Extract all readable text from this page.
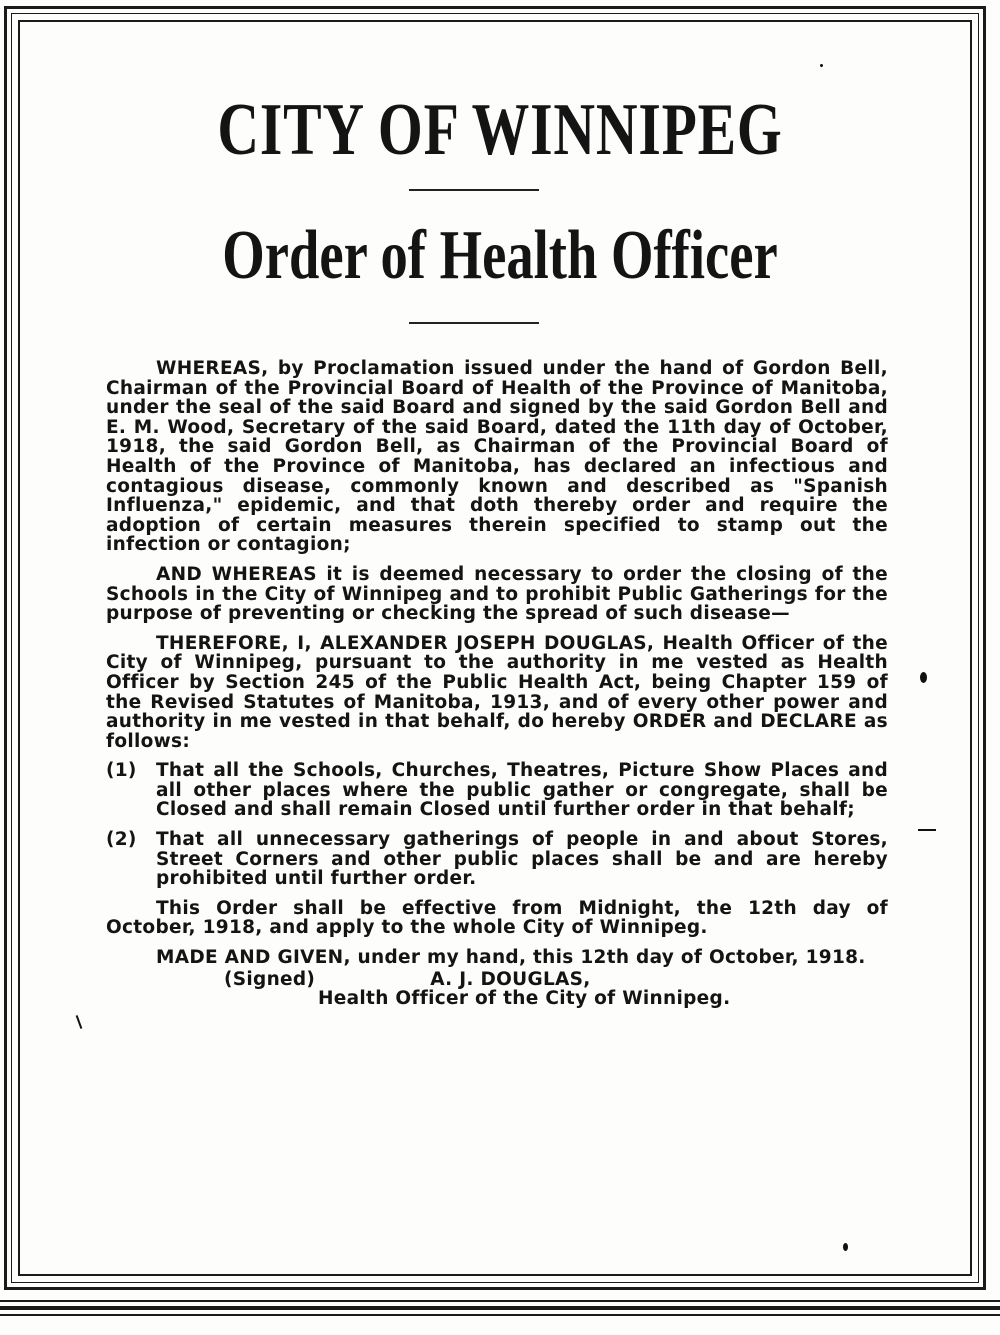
CITY OF WINNIPEG
Order of Health Officer

WHEREAS, by Proclamation issued under the hand of Gordon Bell, Chairman of the Provincial Board of Health of the Province of Manitoba, under the seal of the said Board and signed by the said Gordon Bell and E. M. Wood, Secretary of the said Board, dated the 11th day of October, 1918, the said Gordon Bell, as Chairman of the Provincial Board of Health of the Province of Manitoba, has declared an infectious and contagious disease, commonly known and described as "Spanish Influenza," epidemic, and that doth thereby order and require the adoption of certain measures therein specified to stamp out the infection or contagion;

AND WHEREAS it is deemed necessary to order the closing of the Schools in the City of Winnipeg and to prohibit Public Gatherings for the purpose of preventing or checking the spread of such disease—

THEREFORE, I, ALEXANDER JOSEPH DOUGLAS, Health Officer of the City of Winnipeg, pursuant to the authority in me vested as Health Officer by Section 245 of the Public Health Act, being Chapter 159 of the Revised Statutes of Manitoba, 1913, and of every other power and authority in me vested in that behalf, do hereby ORDER and DECLARE as follows:

(1) That all the Schools, Churches, Theatres, Picture Show Places and all other places where the public gather or congregate, shall be Closed and shall remain Closed until further order in that behalf;

(2) That all unnecessary gatherings of people in and about Stores, Street Corners and other public places shall be and are hereby prohibited until further order.

This Order shall be effective from Midnight, the 12th day of October, 1918, and apply to the whole City of Winnipeg.

MADE AND GIVEN, under my hand, this 12th day of October, 1918.

(Signed)	A. J. DOUGLAS,

Health Officer of the City of Winnipeg.
